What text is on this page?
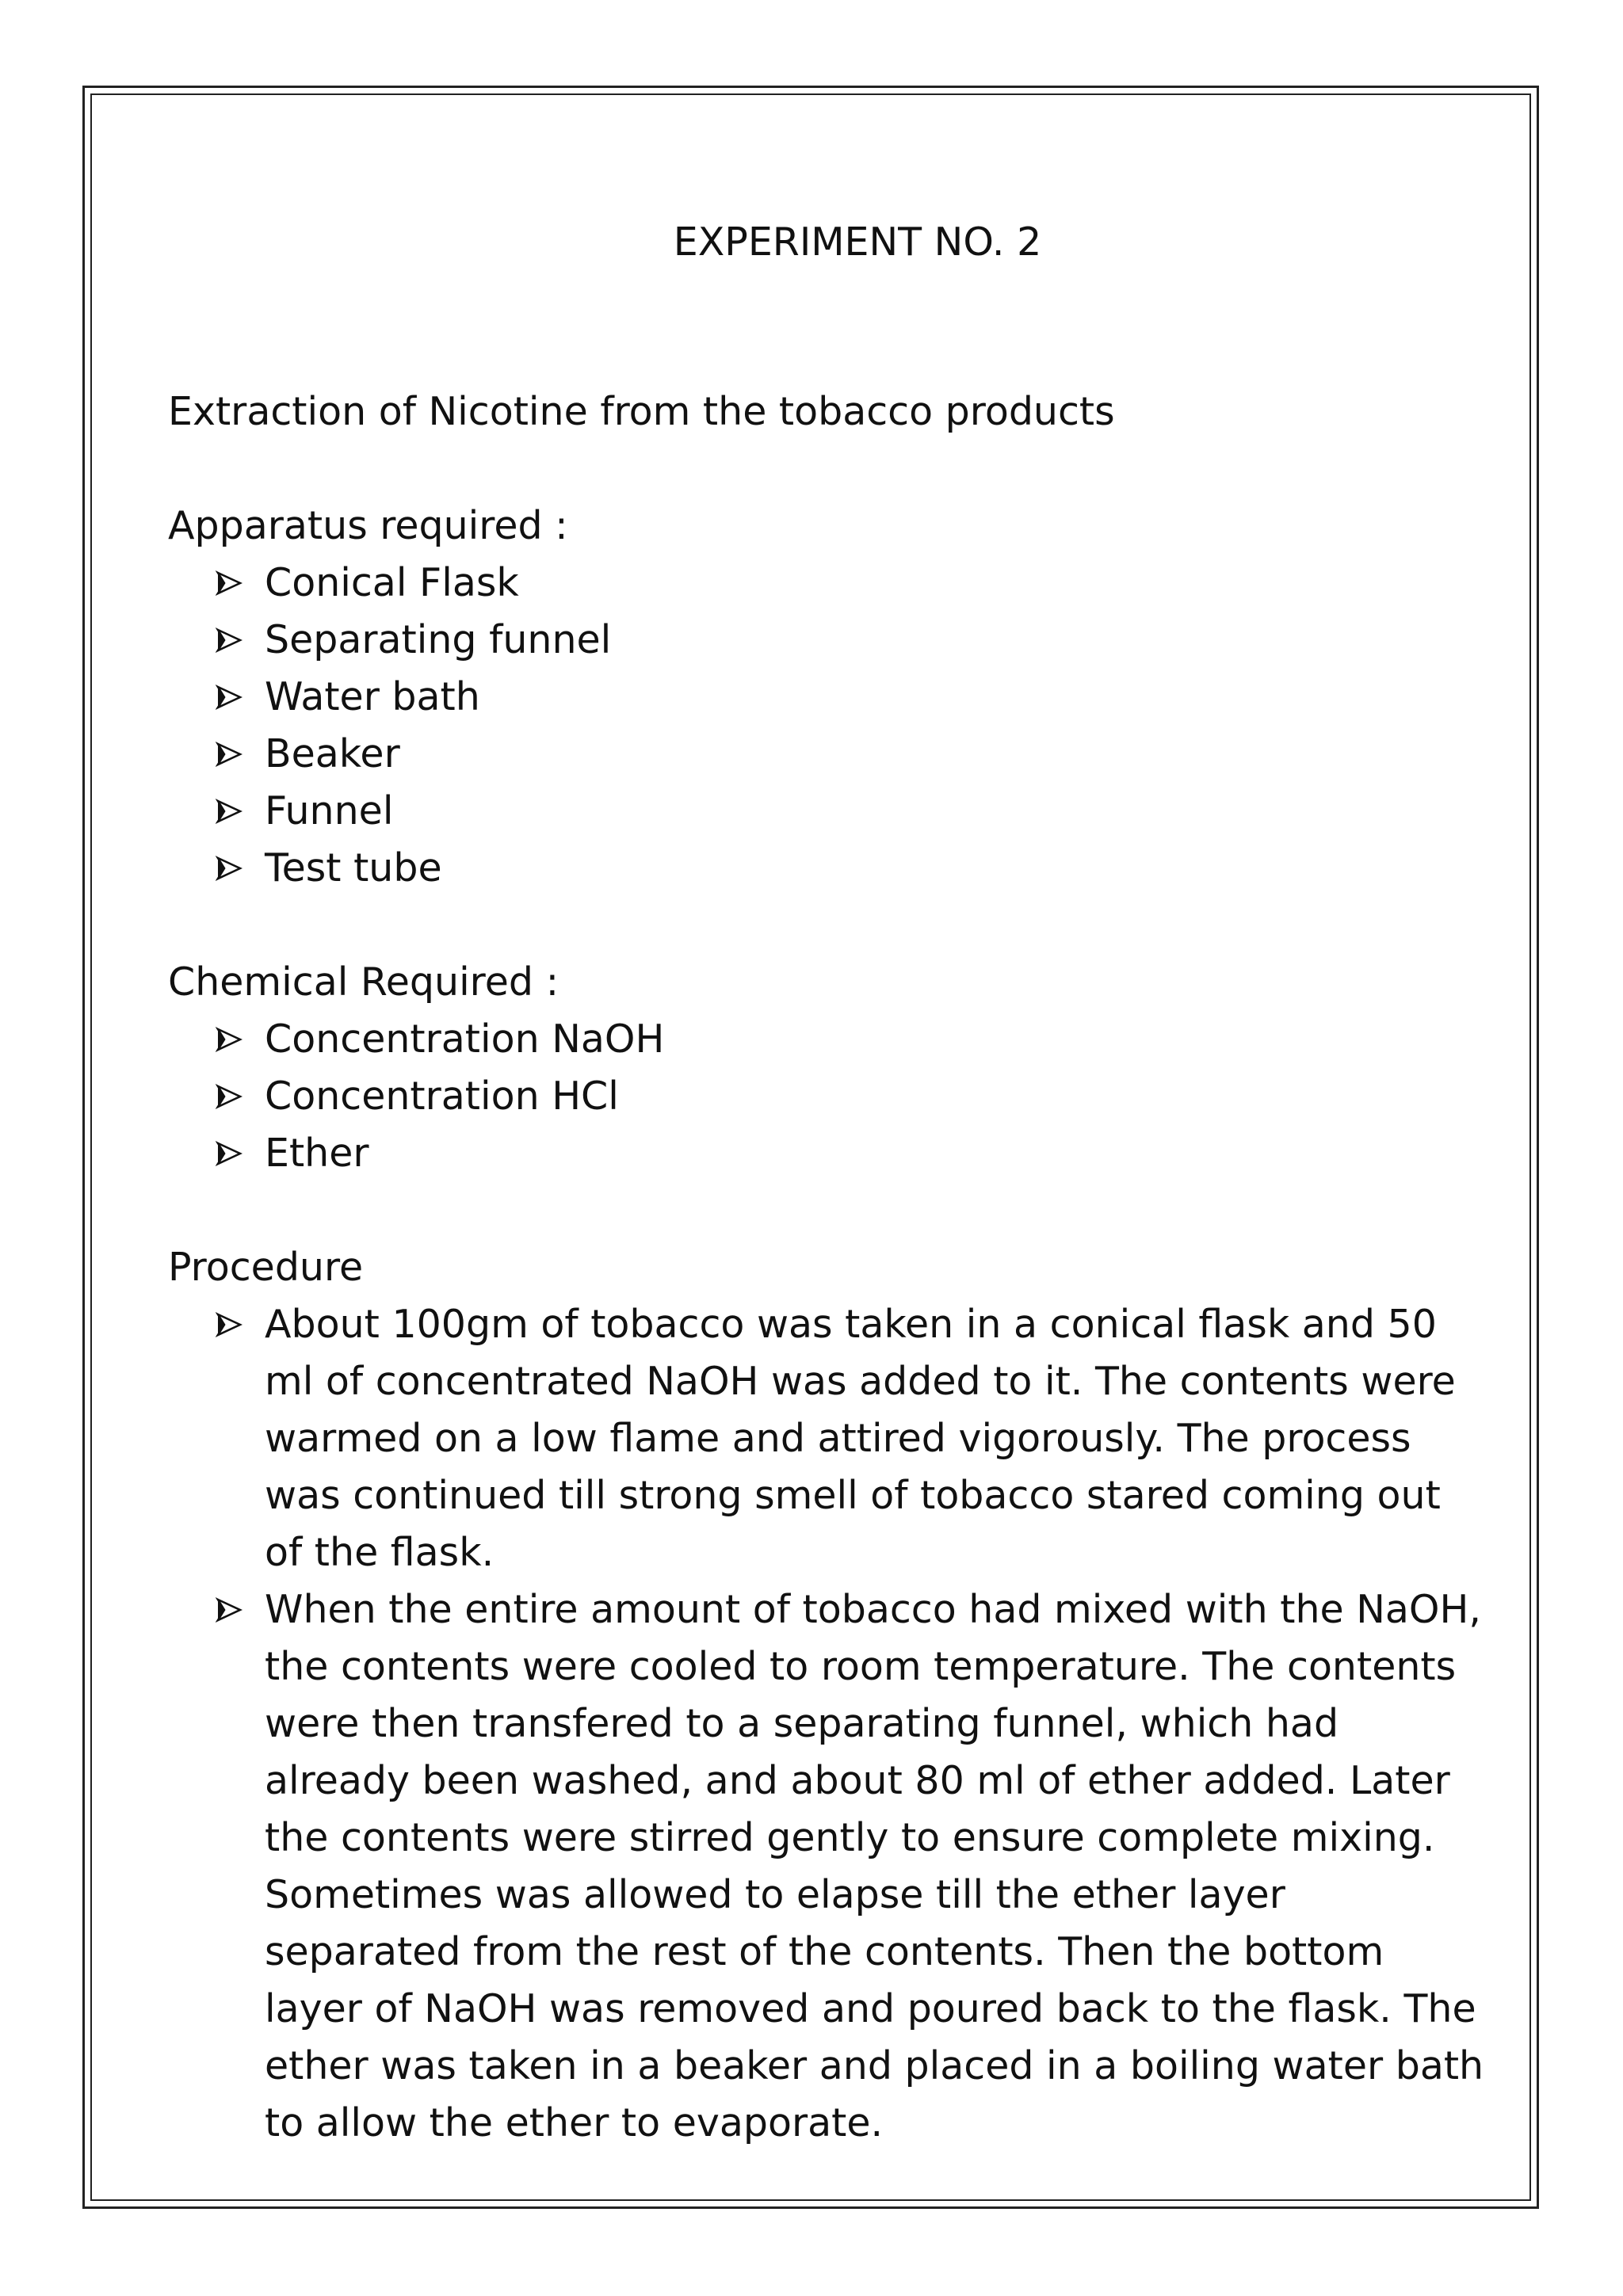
EXPERIMENT NO. 2

Extraction of Nicotine from the tobacco products

Apparatus required :

Conical Flask
Separating funnel
Water bath
Beaker
Funnel
Test tube

Chemical Required :

Concentration NaOH
Concentration HCl
Ether

Procedure

About 100gm of tobacco was taken in a conical flask and 50 ml of concentrated NaOH was added to it. The contents were warmed on a low flame and attired vigorously. The process was continued till strong smell of tobacco stared coming out of the flask.
When the entire amount of tobacco had mixed with the NaOH, the contents were cooled to room temperature. The contents were then transfered to a separating funnel, which had already been washed, and about 80 ml of ether added. Later the contents were stirred gently to ensure complete mixing. Sometimes was allowed to elapse till the ether layer separated from the rest of the contents. Then the bottom layer of NaOH was removed and poured back to the flask. The ether was taken in a beaker and placed in a boiling water bath to allow the ether to evaporate.
